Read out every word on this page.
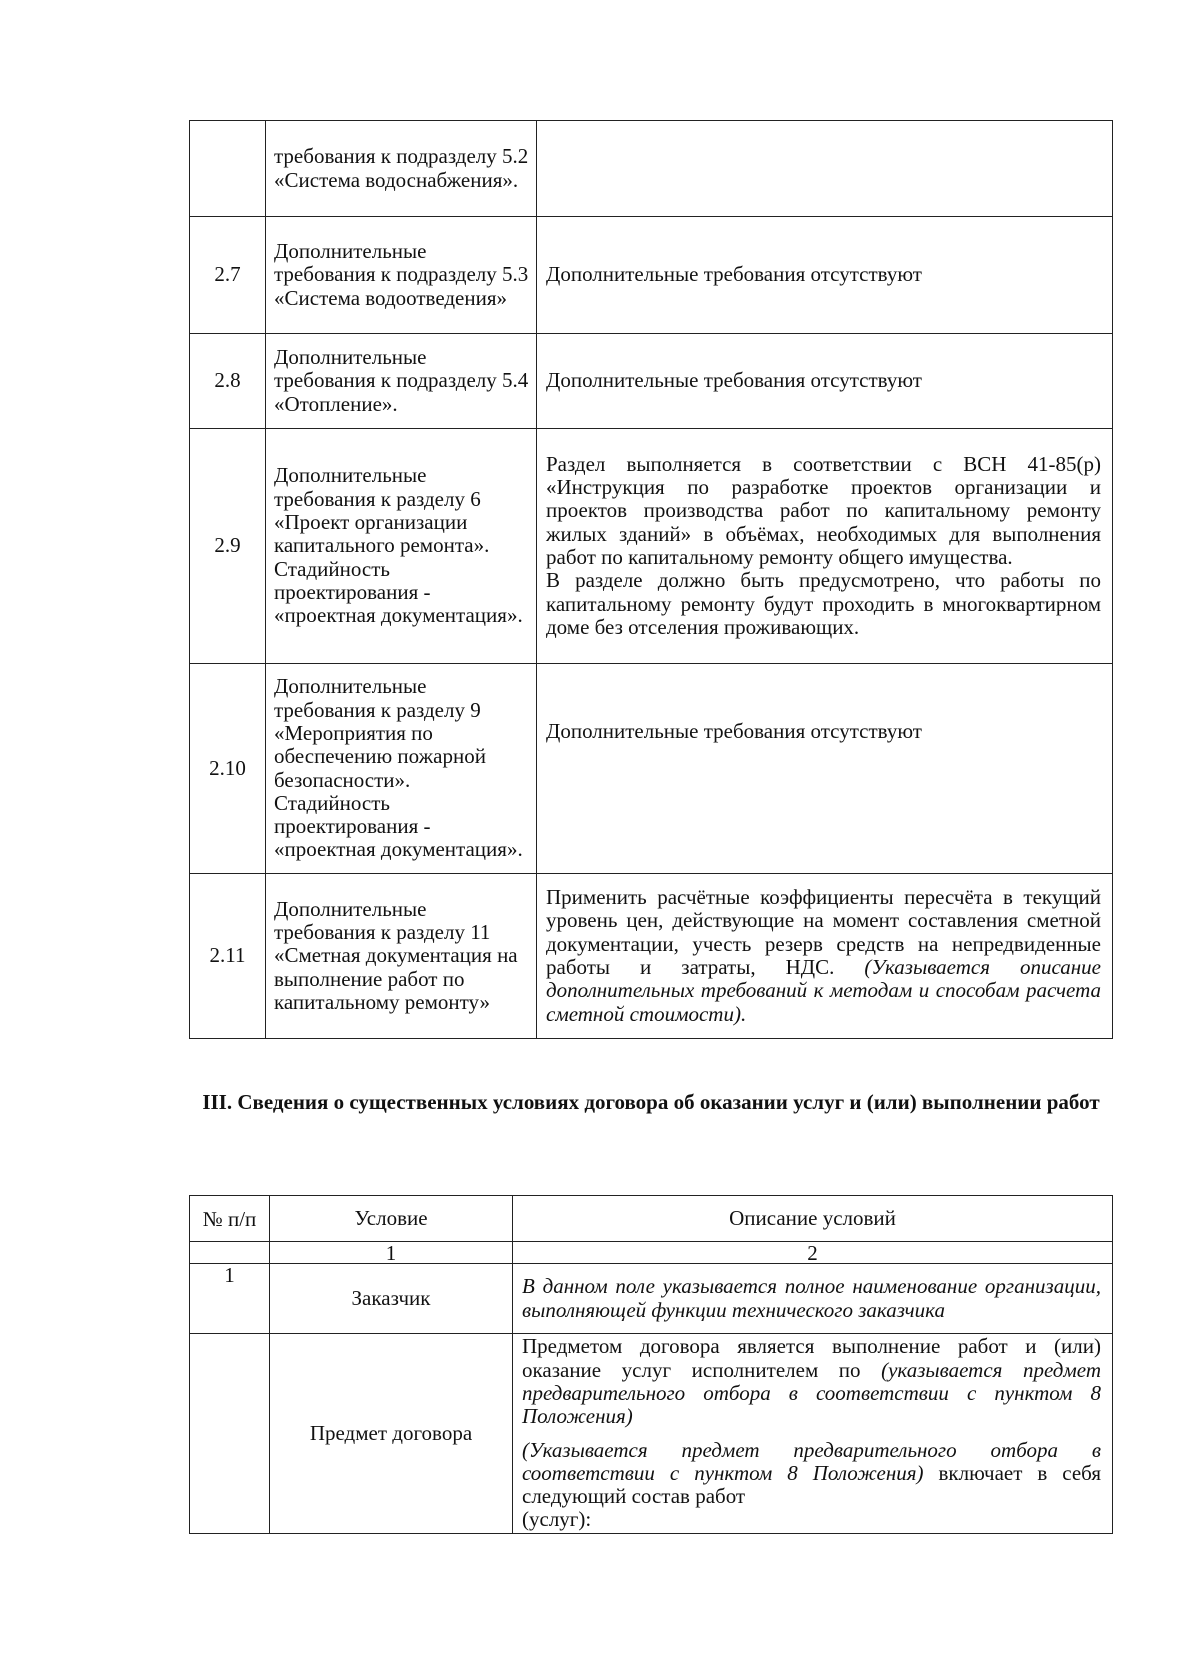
	требования к подразделу 5.2 «Система водоснабжения».	
2.7	Дополнительные требования к подразделу 5.3 «Система водоотведения»	Дополнительные требования отсутствуют
2.8	Дополнительные требования к подразделу 5.4 «Отопление».	Дополнительные требования отсутствуют
2.9	Дополнительные требования к разделу 6 «Проект организации капитального ремонта». Стадийность проектирования - «проектная документация».	Раздел выполняется в соответствии с ВСН 41-85(р) «Инструкция по разработке проектов организации и проектов производства работ по капитальному ремонту жилых зданий» в объёмах, необходимых для выполнения работ по капитальному ремонту общего имущества.
В разделе должно быть предусмотрено, что работы по капитальному ремонту будут проходить в многоквартирном доме без отселения проживающих.

2.10	Дополнительные требования к разделу 9 «Мероприятия по обеспечению пожарной безопасности». Стадийность проектирования - «проектная документация».	Дополнительные требования отсутствуют
2.11	Дополнительные требования к разделу 11 «Сметная документация на выполнение работ по капитальному ремонту»	Применить расчётные коэффициенты пересчёта в текущий уровень цен, действующие на момент составления сметной документации, учесть резерв средств на непредвиденные работы и затраты, НДС. (Указывается описание дополнительных требований к методам и способам расчета сметной стоимости).
III. Сведения о существенных условиях договора об оказании услуг и (или) выполнении работ
№ п/п	Условие	Описание условий
	1	2
1	Заказчик	В данном поле указывается полное наименование организации, выполняющей функции технического заказчика
	Предмет договора	Предметом договора является выполнение работ и (или) оказание услуг исполнителем по (указывается предмет предварительного отбора в соответствии с пунктом 8 Положения)
(Указывается предмет предварительного отбора в соответствии с пунктом 8 Положения) включает в себя следующий состав работ
(услуг):
